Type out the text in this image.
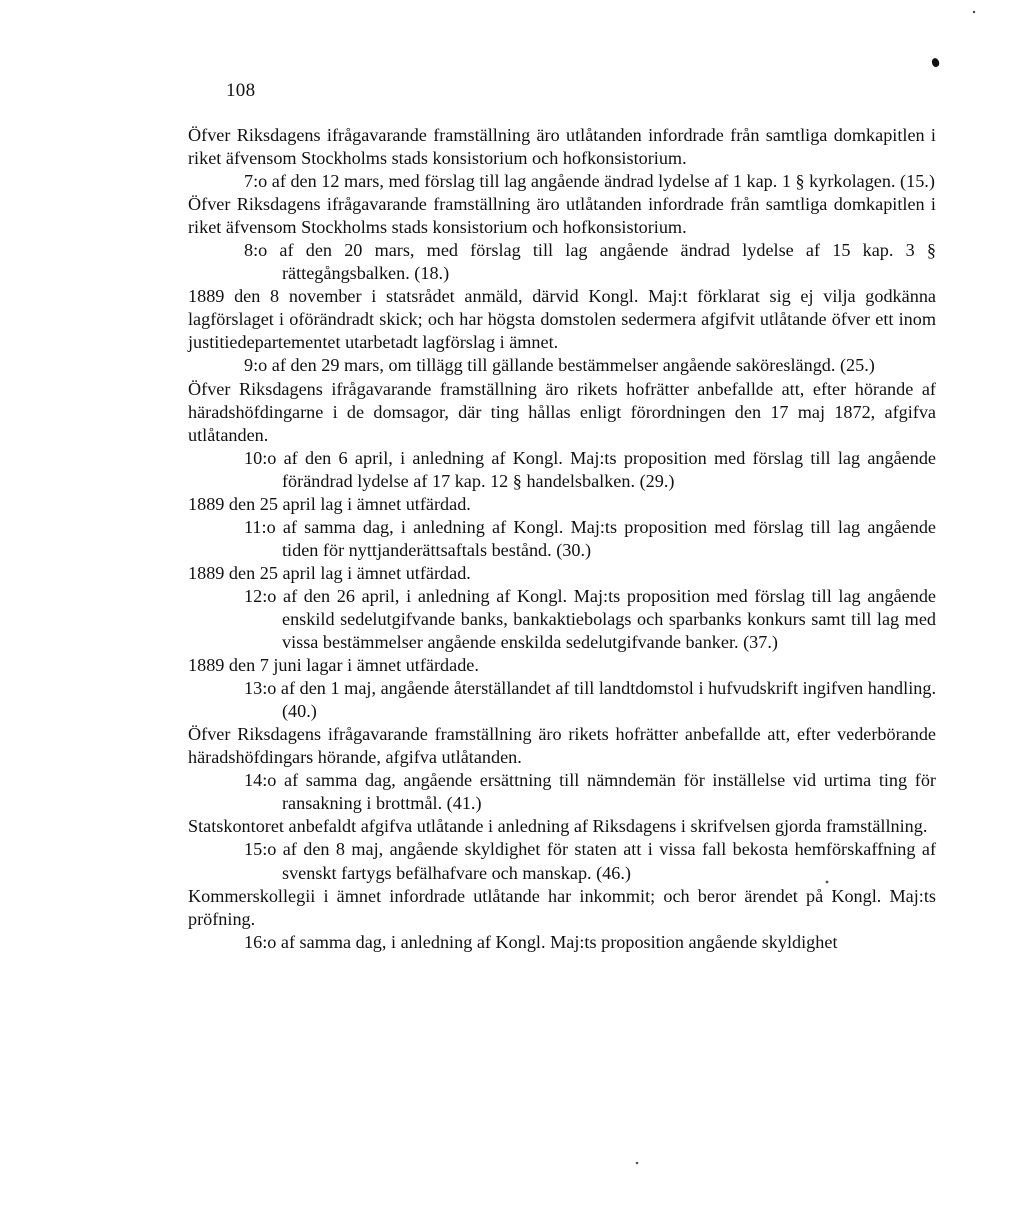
108

Öfver Riksdagens ifrågavarande framställning äro utlåtanden infordrade från samtliga domkapitlen i riket äfvensom Stockholms stads konsistorium och hofkonsistorium.

7:o af den 12 mars, med förslag till lag angående ändrad lydelse af 1 kap. 1 § kyrkolagen. (15.)

Öfver Riksdagens ifrågavarande framställning äro utlåtanden infordrade från samtliga domkapitlen i riket äfvensom Stockholms stads konsistorium och hofkonsistorium.

8:o af den 20 mars, med förslag till lag angående ändrad lydelse af 15 kap. 3 § rättegångsbalken. (18.)

1889 den 8 november i statsrådet anmäld, därvid Kongl. Maj:t förklarat sig ej vilja godkänna lagförslaget i oförändradt skick; och har högsta domstolen sedermera afgifvit utlåtande öfver ett inom justitiedepartementet utarbetadt lagförslag i ämnet.

9:o af den 29 mars, om tillägg till gällande bestämmelser angående saköreslängd. (25.)

Öfver Riksdagens ifrågavarande framställning äro rikets hofrätter anbefallde att, efter hörande af häradshöfdingarne i de domsagor, där ting hållas enligt förordningen den 17 maj 1872, afgifva utlåtanden.

10:o af den 6 april, i anledning af Kongl. Maj:ts proposition med förslag till lag angående förändrad lydelse af 17 kap. 12 § handelsbalken. (29.)

1889 den 25 april lag i ämnet utfärdad.

11:o af samma dag, i anledning af Kongl. Maj:ts proposition med förslag till lag angående tiden för nyttjanderättsaftals bestånd. (30.)

1889 den 25 april lag i ämnet utfärdad.

12:o af den 26 april, i anledning af Kongl. Maj:ts proposition med förslag till lag angående enskild sedelutgifvande banks, bankaktiebolags och sparbanks konkurs samt till lag med vissa bestämmelser angående enskilda sedelutgifvande banker. (37.)

1889 den 7 juni lagar i ämnet utfärdade.

13:o af den 1 maj, angående återställandet af till landtdomstol i hufvudskrift ingifven handling. (40.)

Öfver Riksdagens ifrågavarande framställning äro rikets hofrätter anbefallde att, efter vederbörande häradshöfdingars hörande, afgifva utlåtanden.

14:o af samma dag, angående ersättning till nämndemän för inställelse vid urtima ting för ransakning i brottmål. (41.)

Statskontoret anbefaldt afgifva utlåtande i anledning af Riksdagens i skrifvelsen gjorda framställning.

15:o af den 8 maj, angående skyldighet för staten att i vissa fall bekosta hemförskaffning af svenskt fartygs befälhafvare och manskap. (46.)

Kommerskollegii i ämnet infordrade utlåtande har inkommit; och beror ärendet på Kongl. Maj:ts pröfning.

16:o af samma dag, i anledning af Kongl. Maj:ts proposition angående skyldighet
